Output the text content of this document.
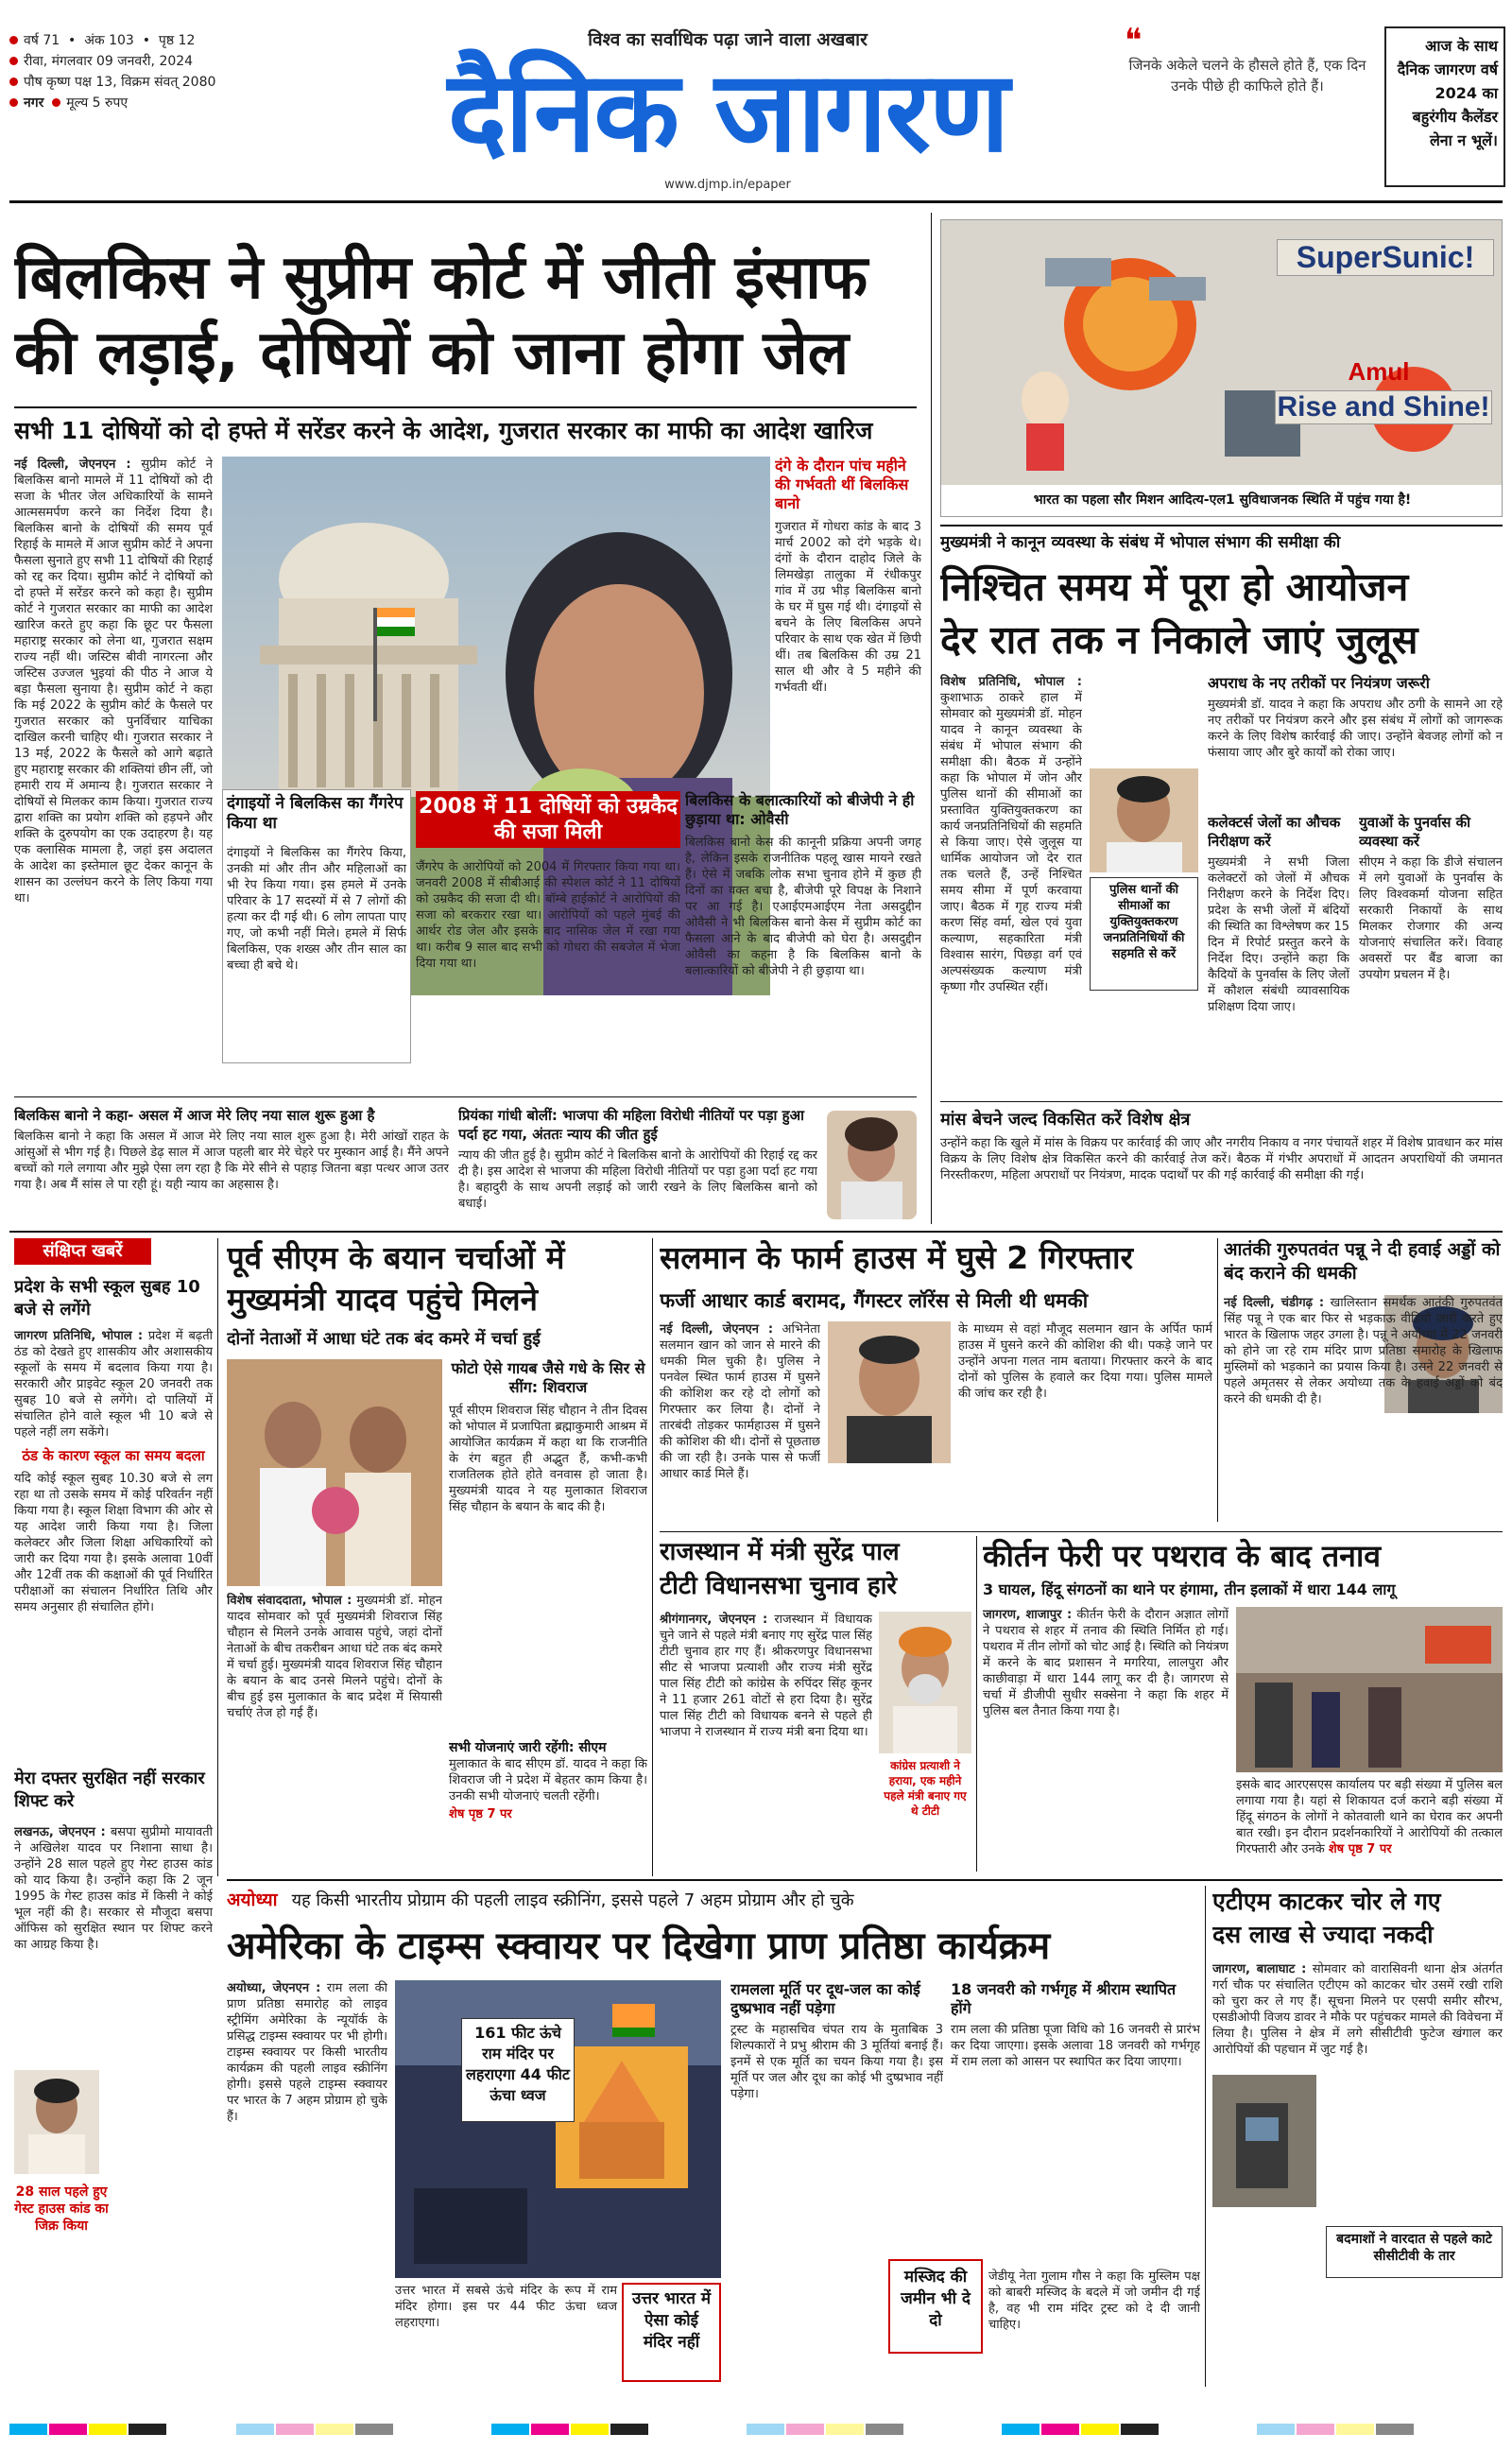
वर्ष 71  •  अंक 103  •  पृष्ठ 12
रीवा, मंगलवार 09 जनवरी, 2024
पौष कृष्ण पक्ष 13, विक्रम संवत् 2080
नगर मूल्य 5 रुपए
विश्व का सर्वाधिक पढ़ा जाने वाला अखबार
दैनिक जागरण
www.djmp.in/epaper
❝
जिनके अकेले चलने के हौसले होते हैं, एक दिन उनके पीछे ही काफिले होते हैं।
आज के साथ दैनिक जागरण वर्ष 2024 का बहुरंगीय कैलेंडर लेना न भूलें।
बिलकिस ने सुप्रीम कोर्ट में जीती इंसाफ
की लड़ाई, दोषियों को जाना होगा जेल
सभी 11 दोषियों को दो हफ्ते में सरेंडर करने के आदेश, गुजरात सरकार का माफी का आदेश खारिज
नई दिल्ली, जेएनएन : सुप्रीम कोर्ट ने बिलकिस बानो मामले में 11 दोषियों को दी सजा के भीतर जेल अधिकारियों के सामने आत्मसमर्पण करने का निर्देश दिया है। बिलकिस बानो के दोषियों की समय पूर्व रिहाई के मामले में आज सुप्रीम कोर्ट ने अपना फैसला सुनाते हुए सभी 11 दोषियों की रिहाई को रद्द कर दिया। सुप्रीम कोर्ट ने दोषियों को दो हफ्ते में सरेंडर करने को कहा है। सुप्रीम कोर्ट ने गुजरात सरकार का माफी का आदेश खारिज करते हुए कहा कि छूट पर फैसला महाराष्ट्र सरकार को लेना था, गुजरात सक्षम राज्य नहीं थी। जस्टिस बीवी नागरत्ना और जस्टिस उज्जल भुइयां की पीठ ने आज ये बड़ा फैसला सुनाया है। सुप्रीम कोर्ट ने कहा कि मई 2022 के सुप्रीम कोर्ट के फैसले पर गुजरात सरकार को पुनर्विचार याचिका दाखिल करनी चाहिए थी। गुजरात सरकार ने 13 मई, 2022 के फैसले को आगे बढ़ाते हुए महाराष्ट्र सरकार की शक्तियां छीन लीं, जो हमारी राय में अमान्य है। गुजरात सरकार ने दोषियों से मिलकर काम किया। गुजरात राज्य द्वारा शक्ति का प्रयोग शक्ति को हड़पने और शक्ति के दुरुपयोग का एक उदाहरण है। यह एक क्लासिक मामला है, जहां इस अदालत के आदेश का इस्तेमाल छूट देकर कानून के शासन का उल्लंघन करने के लिए किया गया था।
दंगे के दौरान पांच महीने की गर्भवती थीं बिलकिस बानो
गुजरात में गोधरा कांड के बाद 3 मार्च 2002 को दंगे भड़के थे। दंगों के दौरान दाहोद जिले के लिमखेड़ा तालुका में रंधीकपुर गांव में उग्र भीड़ बिलकिस बानो के घर में घुस गई थी। दंगाइयों से बचने के लिए बिलकिस अपने परिवार के साथ एक खेत में छिपी थीं। तब बिलकिस की उम्र 21 साल थी और वे 5 महीने की गर्भवती थीं।
दंगाइयों ने बिलकिस का गैंगरेप किया था
दंगाइयों ने बिलकिस का गैंगरेप किया, उनकी मां और तीन और महिलाओं का भी रेप किया गया। इस हमले में उनके परिवार के 17 सदस्यों में से 7 लोगों की हत्या कर दी गई थी। 6 लोग लापता पाए गए, जो कभी नहीं मिले। हमले में सिर्फ बिलकिस, एक शख्स और तीन साल का बच्चा ही बचे थे।
2008 में 11 दोषियों को उम्रकैद की सजा मिली
जैंगरेप के आरोपियों को 2004 में गिरफ्तार किया गया था। जनवरी 2008 में सीबीआई की स्पेशल कोर्ट ने 11 दोषियों को उम्रकैद की सजा दी थी। बॉम्बे हाईकोर्ट ने आरोपियों की सजा को बरकरार रखा था। आरोपियों को पहले मुंबई की आर्थर रोड जेल और इसके बाद नासिक जेल में रखा गया था। करीब 9 साल बाद सभी को गोधरा की सबजेल में भेजा दिया गया था।
बिलकिस के बलात्कारियों को बीजेपी ने ही छुड़ाया था: ओवैसी
बिलकिस बानो केस की कानूनी प्रक्रिया अपनी जगह है, लेकिन इसके राजनीतिक पहलू खास मायने रखते हैं। ऐसे में जबकि लोक सभा चुनाव होने में कुछ ही दिनों का वक्त बचा है, बीजेपी पूरे विपक्ष के निशाने पर आ गई है। एआईएमआईएम नेता असदुद्दीन ओवैसी ने भी बिलकिस बानो केस में सुप्रीम कोर्ट का फैसला आने के बाद बीजेपी को घेरा है। असदुद्दीन ओवैसी का कहना है कि बिलकिस बानो के बलात्कारियों को बीजेपी ने ही छुड़ाया था।
बिलकिस बानो ने कहा- असल में आज मेरे लिए नया साल शुरू हुआ है
बिलकिस बानो ने कहा कि असल में आज मेरे लिए नया साल शुरू हुआ है। मेरी आंखों राहत के आंसुओं से भीग गई है। पिछले डेढ़ साल में आज पहली बार मेरे चेहरे पर मुस्कान आई है। मैंने अपने बच्चों को गले लगाया और मुझे ऐसा लग रहा है कि मेरे सीने से पहाड़ जितना बड़ा पत्थर आज उतर गया है। अब मैं सांस ले पा रही हूं। यही न्याय का अहसास है।
प्रियंका गांधी बोलीं: भाजपा की महिला विरोधी नीतियों पर पड़ा हुआ पर्दा हट गया, अंततः न्याय की जीत हुई
न्याय की जीत हुई है। सुप्रीम कोर्ट ने बिलकिस बानो के आरोपियों की रिहाई रद्द कर दी है। इस आदेश से भाजपा की महिला विरोधी नीतियों पर पड़ा हुआ पर्दा हट गया है। बहादुरी के साथ अपनी लड़ाई को जारी रखने के लिए बिलकिस बानो को बधाई।
SuperSunic!
Amul
Rise and Shine!
भारत का पहला सौर मिशन आदित्य-एल1 सुविधाजनक स्थिति में पहुंच गया है!
मुख्यमंत्री ने कानून व्यवस्था के संबंध में भोपाल संभाग की समीक्षा की
निश्चित समय में पूरा हो आयोजन
देर रात तक न निकाले जाएं जुलूस
विशेष प्रतिनिधि, भोपाल : कुशाभाऊ ठाकरे हाल में सोमवार को मुख्यमंत्री डॉ. मोहन यादव ने कानून व्यवस्था के संबंध में भोपाल संभाग की समीक्षा की। बैठक में उन्होंने कहा कि भोपाल में जोन और पुलिस थानों की सीमाओं का प्रस्तावित युक्तियुक्तकरण का कार्य जनप्रतिनिधियों की सहमति से किया जाए। ऐसे जुलूस या धार्मिक आयोजन जो देर रात तक चलते हैं, उन्हें निश्चित समय सीमा में पूर्ण करवाया जाए। बैठक में गृह राज्य मंत्री करण सिंह वर्मा, खेल एवं युवा कल्याण, सहकारिता मंत्री विश्वास सारंग, पिछड़ा वर्ग एवं अल्पसंख्यक कल्याण मंत्री कृष्णा गौर उपस्थित रहीं।
पुलिस थानों की सीमाओं का युक्तियुक्तकरण जनप्रतिनिधियों की सहमति से करें
अपराध के नए तरीकों पर नियंत्रण जरूरी
मुख्यमंत्री डॉ. यादव ने कहा कि अपराध और ठगी के सामने आ रहे नए तरीकों पर नियंत्रण करने और इस संबंध में लोगों को जागरूक करने के लिए विशेष कार्रवाई की जाए। उन्होंने बेवजह लोगों को न फंसाया जाए और बुरे कार्यों को रोका जाए।
कलेक्टर्स जेलों का औचक निरीक्षण करें
मुख्यमंत्री ने सभी जिला कलेक्टरों को जेलों में औचक निरीक्षण करने के निर्देश दिए। प्रदेश के सभी जेलों में बंदियों की स्थिति का विश्लेषण कर 15 दिन में रिपोर्ट प्रस्तुत करने के निर्देश दिए। उन्होंने कहा कि कैदियों के पुनर्वास के लिए जेलों में कौशल संबंधी व्यावसायिक प्रशिक्षण दिया जाए।
युवाओं के पुनर्वास की व्यवस्था करें
सीएम ने कहा कि डीजे संचालन में लगे युवाओं के पुनर्वास के लिए विश्वकर्मा योजना सहित सरकारी निकायों के साथ मिलकर रोजगार की अन्य योजनाएं संचालित करें। विवाह अवसरों पर बैंड बाजा का उपयोग प्रचलन में है।
मांस बेचने जल्द विकसित करें विशेष क्षेत्र
उन्होंने कहा कि खुले में मांस के विक्रय पर कार्रवाई की जाए और नगरीय निकाय व नगर पंचायतें शहर में विशेष प्रावधान कर मांस विक्रय के लिए विशेष क्षेत्र विकसित करने की कार्रवाई तेज करें। बैठक में गंभीर अपराधों में आदतन अपराधियों की जमानत निरस्तीकरण, महिला अपराधों पर नियंत्रण, मादक पदार्थों पर की गई कार्रवाई की समीक्षा की गई।
संक्षिप्त खबरें
प्रदेश के सभी स्कूल सुबह 10 बजे से लगेंगे
जागरण प्रतिनिधि, भोपाल : प्रदेश में बढ़ती ठंड को देखते हुए शासकीय और अशासकीय स्कूलों के समय में बदलाव किया गया है। सरकारी और प्राइवेट स्कूल 20 जनवरी तक सुबह 10 बजे से लगेंगे। दो पालियों में संचालित होने वाले स्कूल भी 10 बजे से पहले नहीं लग सकेंगे।
ठंड के कारण स्कूल का समय बदला
यदि कोई स्कूल सुबह 10.30 बजे से लग रहा था तो उसके समय में कोई परिवर्तन नहीं किया गया है। स्कूल शिक्षा विभाग की ओर से यह आदेश जारी किया गया है। जिला कलेक्टर और जिला शिक्षा अधिकारियों को जारी कर दिया गया है। इसके अलावा 10वीं और 12वीं तक की कक्षाओं की पूर्व निर्धारित परीक्षाओं का संचालन निर्धारित तिथि और समय अनुसार ही संचालित होंगे।
मेरा दफ्तर सुरक्षित नहीं सरकार शिफ्ट करे
लखनऊ, जेएनएन : बसपा सुप्रीमो मायावती ने अखिलेश यादव पर निशाना साधा है। उन्होंने 28 साल पहले हुए गेस्ट हाउस कांड को याद किया है। उन्होंने कहा कि 2 जून 1995 के गेस्ट हाउस कांड में किसी ने कोई भूल नहीं की है। सरकार से मौजूदा बसपा ऑफिस को सुरक्षित स्थान पर शिफ्ट करने का आग्रह किया है।
28 साल पहले हुए गेस्ट हाउस कांड का जिक्र किया
पूर्व सीएम के बयान चर्चाओं में
मुख्यमंत्री यादव पहुंचे मिलने
दोनों नेताओं में आधा घंटे तक बंद कमरे में चर्चा हुई
फोटो ऐसे गायब जैसे गधे के सिर से सींग: शिवराज
पूर्व सीएम शिवराज सिंह चौहान ने तीन दिवस को भोपाल में प्रजापिता ब्रह्माकुमारी आश्रम में आयोजित कार्यक्रम में कहा था कि राजनीति के रंग बहुत ही अद्भुत हैं, कभी-कभी राजतिलक होते होते वनवास हो जाता है। मुख्यमंत्री यादव ने यह मुलाकात शिवराज सिंह चौहान के बयान के बाद की है।
विशेष संवाददाता, भोपाल : मुख्यमंत्री डॉ. मोहन यादव सोमवार को पूर्व मुख्यमंत्री शिवराज सिंह चौहान से मिलने उनके आवास पहुंचे, जहां दोनों नेताओं के बीच तकरीबन आधा घंटे तक बंद कमरे में चर्चा हुई। मुख्यमंत्री यादव शिवराज सिंह चौहान के बयान के बाद उनसे मिलने पहुंचे। दोनों के बीच हुई इस मुलाकात के बाद प्रदेश में सियासी चर्चाएं तेज हो गई हैं।
सभी योजनाएं जारी रहेंगी: सीएम
मुलाकात के बाद सीएम डॉ. यादव ने कहा कि शिवराज जी ने प्रदेश में बेहतर काम किया है। उनकी सभी योजनाएं चलती रहेंगी।
शेष पृष्ठ 7 पर
सलमान के फार्म हाउस में घुसे 2 गिरफ्तार
फर्जी आधार कार्ड बरामद, गैंगस्टर लॉरेंस से मिली थी धमकी
नई दिल्ली, जेएनएन : अभिनेता सलमान खान को जान से मारने की धमकी मिल चुकी है। पुलिस ने पनवेल स्थित फार्म हाउस में घुसने की कोशिश कर रहे दो लोगों को गिरफ्तार कर लिया है। दोनों ने तारबंदी तोड़कर फार्महाउस में घुसने की कोशिश की थी। दोनों से पूछताछ की जा रही है। उनके पास से फर्जी आधार कार्ड मिले हैं।
के माध्यम से वहां मौजूद सलमान खान के अर्पित फार्म हाउस में घुसने करने की कोशिश की थी। पकड़े जाने पर उन्होंने अपना गलत नाम बताया। गिरफ्तार करने के बाद दोनों को पुलिस के हवाले कर दिया गया। पुलिस मामले की जांच कर रही है।
आतंकी गुरुपतवंत पन्नू ने दी हवाई अड्डों को बंद कराने की धमकी
नई दिल्ली, चंडीगढ़ : खालिस्तान समर्थक आतंकी गुरुपतवंत सिंह पन्नू ने एक बार फिर से भड़काऊ वीडियो जारी करते हुए भारत के खिलाफ जहर उगला है। पन्नू ने अयोध्या में 22 जनवरी को होने जा रहे राम मंदिर प्राण प्रतिष्ठा समारोह के खिलाफ मुस्लिमों को भड़काने का प्रयास किया है। उसने 22 जनवरी से पहले अमृतसर से लेकर अयोध्या तक के हवाई अड्डों को बंद करने की धमकी दी है।
राजस्थान में मंत्री सुरेंद्र पाल
टीटी विधानसभा चुनाव हारे
श्रीगंगानगर, जेएनएन : राजस्थान में विधायक चुने जाने से पहले मंत्री बनाए गए सुरेंद्र पाल सिंह टीटी चुनाव हार गए हैं। श्रीकरणपुर विधानसभा सीट से भाजपा प्रत्याशी और राज्य मंत्री सुरेंद्र पाल सिंह टीटी को कांग्रेस के रुपिंदर सिंह कूनर ने 11 हजार 261 वोटों से हरा दिया है। सुरेंद्र पाल सिंह टीटी को विधायक बनने से पहले ही भाजपा ने राजस्थान में राज्य मंत्री बना दिया था।
कांग्रेस प्रत्याशी ने हराया, एक महीने पहले मंत्री बनाए गए थे टीटी
कीर्तन फेरी पर पथराव के बाद तनाव
3 घायल, हिंदू संगठनों का थाने पर हंगामा, तीन इलाकों में धारा 144 लागू
जागरण, शाजापुर : कीर्तन फेरी के दौरान अज्ञात लोगों ने पथराव से शहर में तनाव की स्थिति निर्मित हो गई। पथराव में तीन लोगों को चोट आई है। स्थिति को नियंत्रण में करने के बाद प्रशासन ने मगरिया, लालपुरा और काछीवाड़ा में धारा 144 लागू कर दी है। जागरण से चर्चा में डीजीपी सुधीर सक्सेना ने कहा कि शहर में पुलिस बल तैनात किया गया है।
इसके बाद आरएसएस कार्यालय पर बड़ी संख्या में पुलिस बल लगाया गया है। यहां से शिकायत दर्ज कराने बड़ी संख्या में हिंदू संगठन के लोगों ने कोतवाली थाने का घेराव कर अपनी बात रखी। इन दौरान प्रदर्शनकारियों ने आरोपियों की तत्काल गिरफ्तारी और उनके शेष पृष्ठ 7 पर
अयोध्या यह किसी भारतीय प्रोग्राम की पहली लाइव स्क्रीनिंग, इससे पहले 7 अहम प्रोग्राम और हो चुके
अमेरिका के टाइम्स स्क्वायर पर दिखेगा प्राण प्रतिष्ठा कार्यक्रम
अयोध्या, जेएनएन : राम लला की प्राण प्रतिष्ठा समारोह को लाइव स्ट्रीमिंग अमेरिका के न्यूयॉर्क के प्रसिद्ध टाइम्स स्क्वायर पर भी होगी। टाइम्स स्क्वायर पर किसी भारतीय कार्यक्रम की पहली लाइव स्क्रीनिंग होगी। इससे पहले टाइम्स स्क्वायर पर भारत के 7 अहम प्रोग्राम हो चुके हैं।
161 फीट ऊंचे राम मंदिर पर लहराएगा 44 फीट ऊंचा ध्वज
उत्तर भारत में सबसे ऊंचे मंदिर के रूप में राम मंदिर होगा। इस पर 44 फीट ऊंचा ध्वज लहराएगा।
उत्तर भारत में ऐसा कोई मंदिर नहीं
रामलला मूर्ति पर दूध-जल का कोई दुष्प्रभाव नहीं पड़ेगा
ट्रस्ट के महासचिव चंपत राय के मुताबिक 3 शिल्पकारों ने प्रभु श्रीराम की 3 मूर्तियां बनाई हैं। इनमें से एक मूर्ति का चयन किया गया है। इस मूर्ति पर जल और दूध का कोई भी दुष्प्रभाव नहीं पड़ेगा।
18 जनवरी को गर्भगृह में श्रीराम स्थापित होंगे
राम लला की प्रतिष्ठा पूजा विधि को 16 जनवरी से प्रारंभ कर दिया जाएगा। इसके अलावा 18 जनवरी को गर्भगृह में राम लला को आसन पर स्थापित कर दिया जाएगा।
मस्जिद की जमीन भी दे दो
जेडीयू नेता गुलाम गौस ने कहा कि मुस्लिम पक्ष को बाबरी मस्जिद के बदले में जो जमीन दी गई है, वह भी राम मंदिर ट्रस्ट को दे दी जानी चाहिए।
एटीएम काटकर चोर ले गए
दस लाख से ज्यादा नकदी
जागरण, बालाघाट : सोमवार को वारासिवनी थाना क्षेत्र अंतर्गत गर्रा चौक पर संचालित एटीएम को काटकर चोर उसमें रखी राशि को चुरा कर ले गए हैं। सूचना मिलने पर एसपी समीर सौरभ, एसडीओपी विजय डावर ने मौके पर पहुंचकर मामले की विवेचना में लिया है। पुलिस ने क्षेत्र में लगे सीसीटीवी फुटेज खंगाल कर आरोपियों की पहचान में जुट गई है।
बदमाशों ने वारदात से पहले काटे सीसीटीवी के तार
